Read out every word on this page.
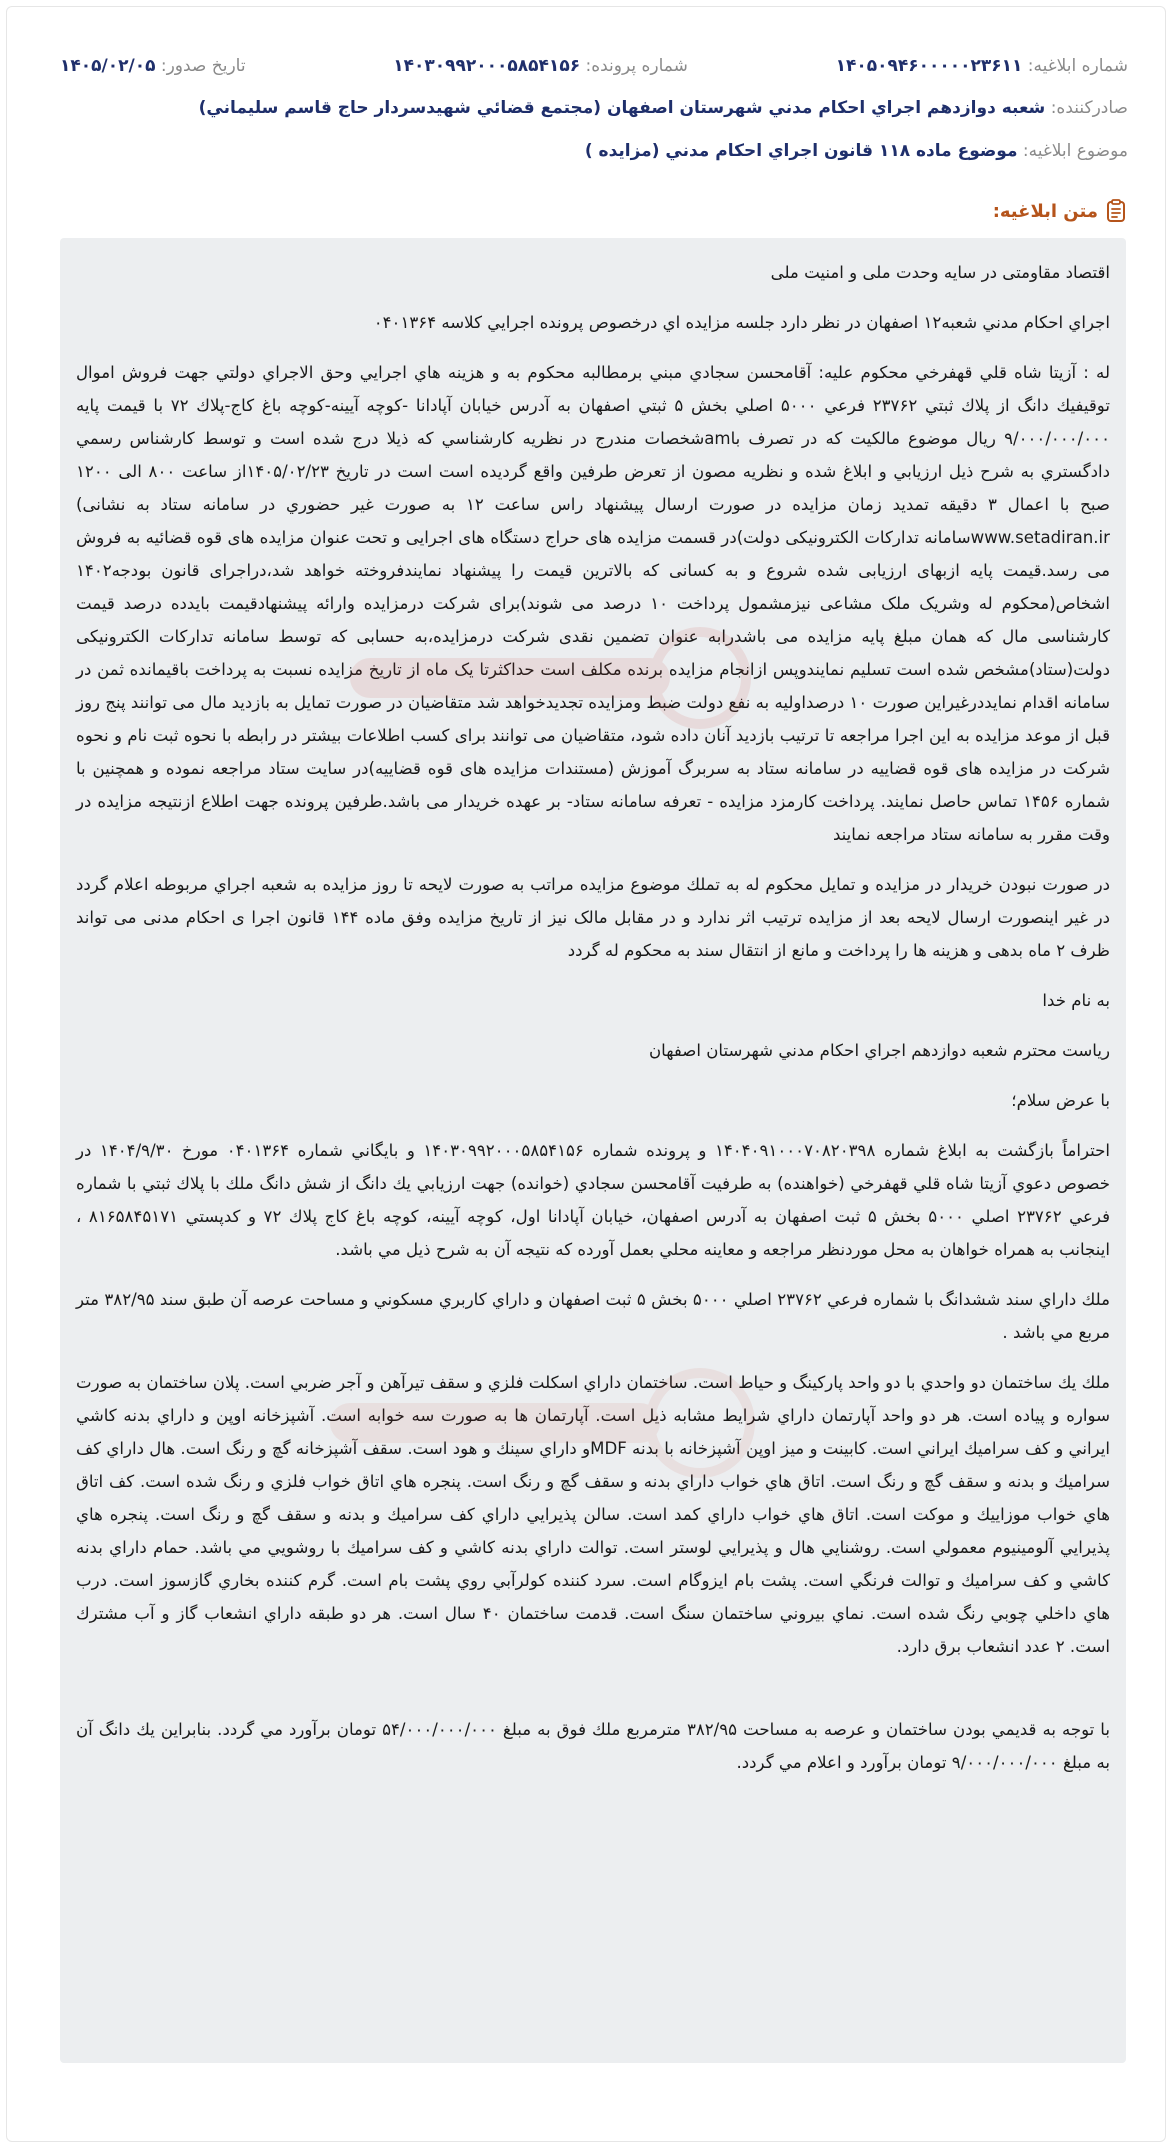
شماره ابلاغیه: ۱۴۰۵۰۹۴۶۰۰۰۰۰۲۳۶۱۱
شماره پرونده: ۱۴۰۳۰۹۹۲۰۰۰۵۸۵۴۱۵۶
تاریخ صدور: ۱۴۰۵/۰۲/۰۵
صادرکننده: شعبه دوازدهم اجراي احكام مدني شهرستان اصفهان (مجتمع قضائي شهيدسردار حاج قاسم سليماني)
موضوع ابلاغیه: موضوع ماده ۱۱۸ قانون اجراي احكام مدني (مزايده )
متن ابلاغیه:

اقتصاد مقاومتی در سایه وحدت ملی و امنیت ملی

اجراي احكام مدني شعبه۱۲ اصفهان در نظر دارد جلسه مزايده اي درخصوص پرونده اجرايي كلاسه ۰۴۰۱۳۶۴

له : آزيتا شاه قلي قهفرخي محكوم عليه: آقامحسن سجادي مبني برمطالبه محكوم به و هزينه هاي اجرايي وحق الاجراي دولتي جهت فروش اموال توقيفيك دانگ از پلاك ثبتي ۲۳۷۶۲ فرعي ۵۰۰۰ اصلي بخش ۵ ثبتي اصفهان به آدرس خيابان آپادانا -كوچه آيينه-كوچه باغ كاج-پلاك ۷۲ با قيمت پايه ۹/۰۰۰/۰۰۰/۰۰۰ ريال موضوع مالكيت كه در تصرف باamشخصات مندرج در نظريه كارشناسي كه ذيلا درج شده است و توسط كارشناس رسمي دادگستري به شرح ذيل ارزيابي و ابلاغ شده و نظريه مصون از تعرض طرفين واقع گرديده است است در تاريخ ۱۴۰۵/۰۲/۲۳از ساعت ۸۰۰ الی ۱۲۰۰ صبح با اعمال ۳ دقيقه تمديد زمان مزايده در صورت ارسال پيشنهاد راس ساعت ۱۲ به صورت غير حضوري در سامانه ستاد به نشانی) www.setadiran.irسامانه تدارکات الکترونيکی دولت)در قسمت مزايده های حراج دستگاه های اجرايی و تحت عنوان مزايده های قوه قضائيه به فروش می رسد.قيمت پايه ازبهای ارزيابی شده شروع و به کسانی که بالاترين قيمت را پيشنهاد نمايندفروخته خواهد شد،دراجرای قانون بودجه۱۴۰۲ اشخاص(محکوم له وشريک ملک مشاعی نيزمشمول پرداخت ۱۰ درصد می شوند)برای شرکت درمزايده وارائه پيشنهادقيمت بايدده درصد قيمت کارشناسی مال که همان مبلغ پايه مزايده می باشدرابه عنوان تضمين نقدی شرکت درمزايده،به حسابی که توسط سامانه تدارکات الکترونيکی دولت(ستاد)مشخص شده است تسليم نمايندوپس ازانجام مزايده برنده مكلف است حداكثرتا يک ماه از تاريخ مزايده نسبت به پرداخت باقيمانده ثمن در سامانه اقدام نمايددرغيراين صورت ۱۰ درصداوليه به نفع دولت ضبط ومزايده تجديدخواهد شد متقاضيان در صورت تمايل به بازديد مال مى توانند پنج روز قبل از موعد مزايده به اين اجرا مراجعه تا ترتيب بازديد آنان داده شود، متقاضيان می توانند برای کسب اطلاعات بيشتر در رابطه با نحوه ثبت نام و نحوه شرکت در مزايده های قوه قضاييه در سامانه ستاد به سربرگ آموزش (مستندات مزايده های قوه قضاييه)در سايت ستاد مراجعه نموده و همچنين با شماره ۱۴۵۶ تماس حاصل نمايند. پرداخت كارمزد مزايده - تعرفه سامانه ستاد- بر عهده خريدار مى باشد.طرفين پرونده جهت اطلاع ازنتيجه مزايده در وقت مقرر به سامانه ستاد مراجعه نمايند

در صورت نبودن خريدار در مزايده و تمايل محكوم له به تملك موضوع مزايده مراتب به صورت لايحه تا روز مزايده به شعبه اجراي مربوطه اعلام گردد در غير اينصورت ارسال لايحه بعد از مزايده ترتيب اثر ندارد و در مقابل مالک نيز از تاريخ مزايده وفق ماده ۱۴۴ قانون اجرا ی احکام مدنی می تواند ظرف ۲ ماه بدهی و هزينه ها را پرداخت و مانع از انتقال سند به محکوم له گردد

به نام خدا

رياست محترم شعبه دوازدهم اجراي احكام مدني شهرستان اصفهان

با عرض سلام؛

احتراماً بازگشت به ابلاغ شماره ۱۴۰۴۰۹۱۰۰۰۷۰۸۲۰۳۹۸ و پرونده شماره ۱۴۰۳۰۹۹۲۰۰۰۵۸۵۴۱۵۶ و بايگاني شماره ۰۴۰۱۳۶۴ مورخ ۱۴۰۴/۹/۳۰ در خصوص دعوي آزيتا شاه قلي قهفرخي (خواهنده) به طرفيت آقامحسن سجادي (خوانده) جهت ارزيابي يك دانگ از شش دانگ ملك با پلاك ثبتي با شماره فرعي ۲۳۷۶۲ اصلي ۵۰۰۰ بخش ۵ ثبت اصفهان به آدرس اصفهان، خيابان آپادانا اول، كوچه آيينه، كوچه باغ كاج پلاك ۷۲ و كدپستي ۸۱۶۵۸۴۵۱۷۱ ، اينجانب به همراه خواهان به محل موردنظر مراجعه و معاينه محلي بعمل آورده كه نتيجه آن به شرح ذيل مي باشد.

ملك داراي سند ششدانگ با شماره فرعي ۲۳۷۶۲ اصلي ۵۰۰۰ بخش ۵ ثبت اصفهان و داراي كاربري مسكوني و مساحت عرصه آن طبق سند ۳۸۲/۹۵ متر مربع مي باشد .

ملك يك ساختمان دو واحدي با دو واحد پاركينگ و حياط است. ساختمان داراي اسكلت فلزي و سقف تيرآهن و آجر ضربي است. پلان ساختمان به صورت سواره و پياده است. هر دو واحد آپارتمان داراي شرايط مشابه ذيل است. آپارتمان ها به صورت سه خوابه است. آشپزخانه اوپن و داراي بدنه كاشي ايراني و كف سراميك ايراني است. كابينت و ميز اوپن آشپزخانه با بدنه MDFو داراي سينك و هود است. سقف آشپزخانه گچ و رنگ است. هال داراي كف سراميك و بدنه و سقف گچ و رنگ است. اتاق هاي خواب داراي بدنه و سقف گچ و رنگ است. پنجره هاي اتاق خواب فلزي و رنگ شده است. كف اتاق هاي خواب موزاييك و موكت است. اتاق هاي خواب داراي كمد است. سالن پذيرايي داراي كف سراميك و بدنه و سقف گچ و رنگ است. پنجره هاي پذيرايي آلومينيوم معمولي است. روشنايي هال و پذيرايي لوستر است. توالت داراي بدنه كاشي و كف سراميك با روشويي مي باشد. حمام داراي بدنه كاشي و كف سراميك و توالت فرنگي است. پشت بام ايزوگام است. سرد كننده كولرآبي روي پشت بام است. گرم كننده بخاري گازسوز است. درب هاي داخلي چوبي رنگ شده است. نماي بيروني ساختمان سنگ است. قدمت ساختمان ۴۰ سال است. هر دو طبقه داراي انشعاب گاز و آب مشترك است. ۲ عدد انشعاب برق دارد.

با توجه به قديمي بودن ساختمان و عرصه به مساحت ۳۸۲/۹۵ مترمربع ملك فوق به مبلغ ۵۴/۰۰۰/۰۰۰/۰۰۰ تومان برآورد مي گردد. بنابراين يك دانگ آن به مبلغ ۹/۰۰۰/۰۰۰/۰۰۰ تومان برآورد و اعلام مي گردد.
